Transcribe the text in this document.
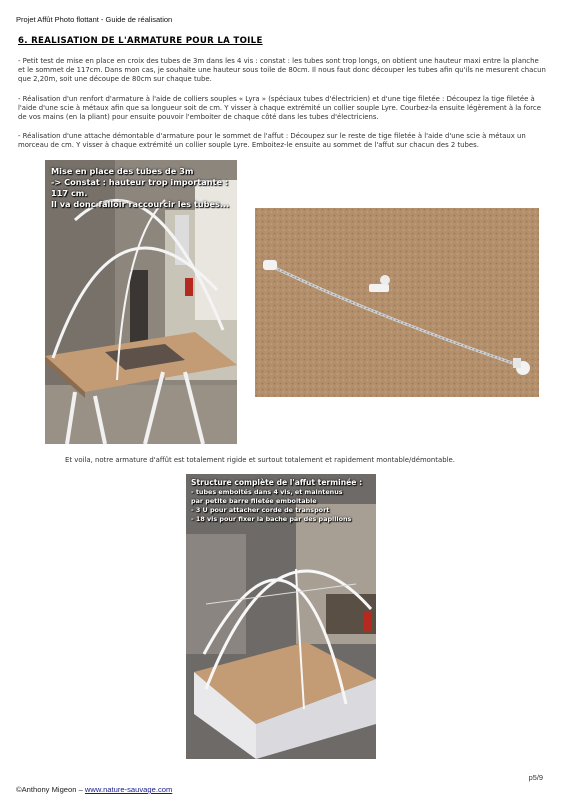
Projet Affût Photo flottant - Guide de réalisation
6. REALISATION DE L'ARMATURE POUR LA TOILE

- Petit test de mise en place en croix des tubes de 3m dans les 4 vis : constat : les tubes sont trop longs, on obtient une hauteur maxi entre la planche et le sommet de 117cm. Dans mon cas, je souhaite une hauteur sous toile de 80cm. Il nous faut donc découper les tubes afin qu'ils ne mesurent chacun que 2,20m, soit une découpe de 80cm sur chaque tube.

- Réalisation d'un renfort d'armature à l'aide de colliers souples « Lyra » (spéciaux tubes d'électricien) et d'une tige filetée : Découpez la tige filetée à l'aide d'une scie à métaux afin que sa longueur soit de cm. Y visser à chaque extrémité un collier souple Lyre. Courbez-la ensuite légèrement à la force de vos mains (en la pliant) pour ensuite pouvoir l'emboiter de chaque côté dans les tubes d'électriciens.

- Réalisation d'une attache démontable d'armature pour le sommet de l'affut : Découpez sur le reste de tige filetée à l'aide d'une scie à métaux un morceau de cm. Y visser à chaque extrémité un collier souple Lyre. Emboitez-le ensuite au sommet de l'affut sur chacun des 2 tubes.

Mise en place des tubes de 3m
-> Constat : hauteur trop importante :
117 cm.
Il va donc falloir raccourcir les tubes...
Et voila, notre armature d'affût est totalement rigide et surtout totalement et rapidement montable/démontable.
Structure complète de l'affut terminée :
- tubes emboités dans 4 vis, et maintenus
par petite barre filetée emboitable
- 3 U pour attacher corde de transport
- 18 vis pour fixer la bache par des papillons
p5/9
©Anthony Migeon – www.nature-sauvage.com
